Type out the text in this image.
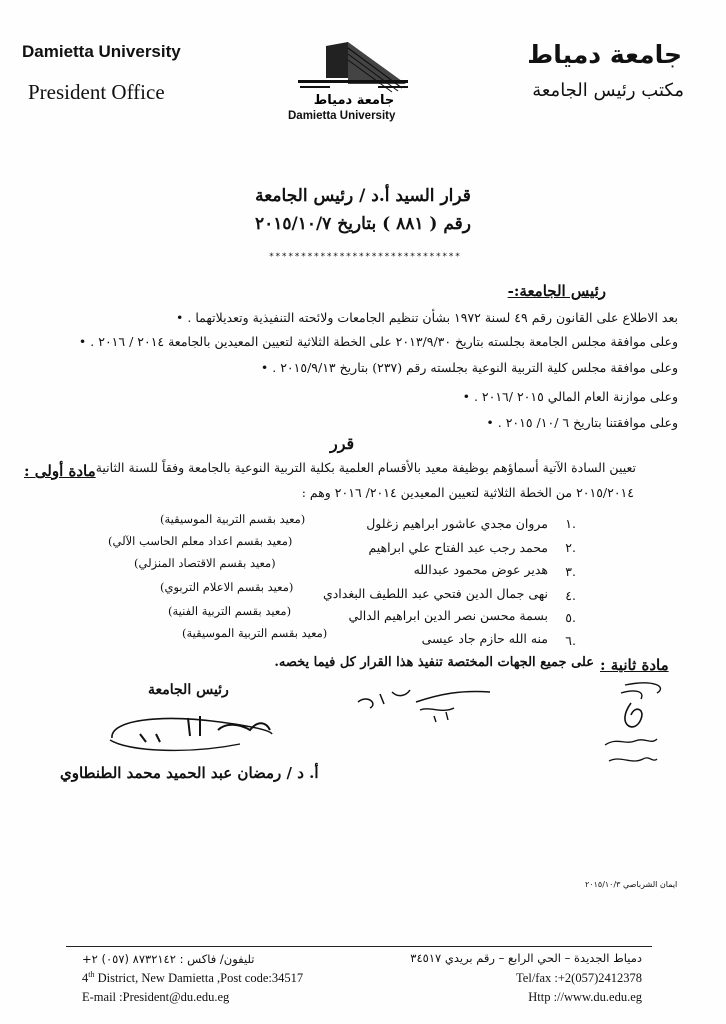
Damietta University
President Office
جامعة دمياط
مكتب رئيس الجامعة
جامعة دمياط
Damietta University
قرار السيد أ.د / رئيس الجامعة
رقم ( ٨٨١ ) بتاريخ ٢٠١٥/١٠/٧
******************************
رئيس الجامعة:-
بعد الاطلاع على القانون رقم ٤٩ لسنة ١٩٧٢ بشأن تنظيم الجامعات ولائحته التنفيذية وتعديلاتهما . •
وعلى موافقة مجلس الجامعة بجلسته بتاريخ ٢٠١٣/٩/٣٠ على الخطة الثلاثية لتعيين المعيدين بالجامعة ٢٠١٤ / ٢٠١٦ . •
وعلى موافقة مجلس كلية التربية النوعية بجلسته رقم (٢٣٧) بتاريخ ٢٠١٥/٩/١٣ . •
وعلى موازنة العام المالي ٢٠١٥ /٢٠١٦ . •
وعلى موافقتنا بتاريخ ٦ /١٠/ ٢٠١٥ . •
قرر
مادة أولى : تعيين السادة الآتية أسماؤهم بوظيفة معيد بالأقسام العلمية بكلية التربية النوعية بالجامعة وفقاً للسنة الثانية
٢٠١٥/٢٠١٤ من الخطة الثلاثية لتعيين المعيدين ٢٠١٤/ ٢٠١٦ وهم :
١.
مروان مجدي عاشور ابراهيم زغلول
(معيد بقسم التربية الموسيقية)
٢.
محمد رجب عبد الفتاح علي ابراهيم
(معيد بقسم اعداد معلم الحاسب الآلي)
٣.
هدير عوض محمود عبدالله
(معيد بقسم الاقتصاد المنزلي)
٤.
نهى جمال الدين فتحي عبد اللطيف البغدادي
(معيد بقسم الاعلام التربوي)
٥.
بسمة محسن نصر الدين ابراهيم الدالي
(معيد بقسم التربية الفنية)
٦.
منه الله حازم جاد عيسى
(معيد بقسم التربية الموسيقية)
مادة ثانية :
على جميع الجهات المختصة تنفيذ هذا القرار كل فيما يخصه.
رئيس الجامعة
أ. د / رمضان عبد الحميد محمد الطنطاوي
ايمان الشرباصي ٢٠١٥/١٠/٣
تليفون/ فاكس : ٨٧٣٢١٤٢ (٠٥٧) ٢+
4th District, New Damietta ,Post code:34517
E-mail :President@du.edu.eg
دمياط الجديدة – الحي الرابع – رقم بريدي ٣٤٥١٧
Tel/fax :+2(057)2412378
Http ://www.du.edu.eg
